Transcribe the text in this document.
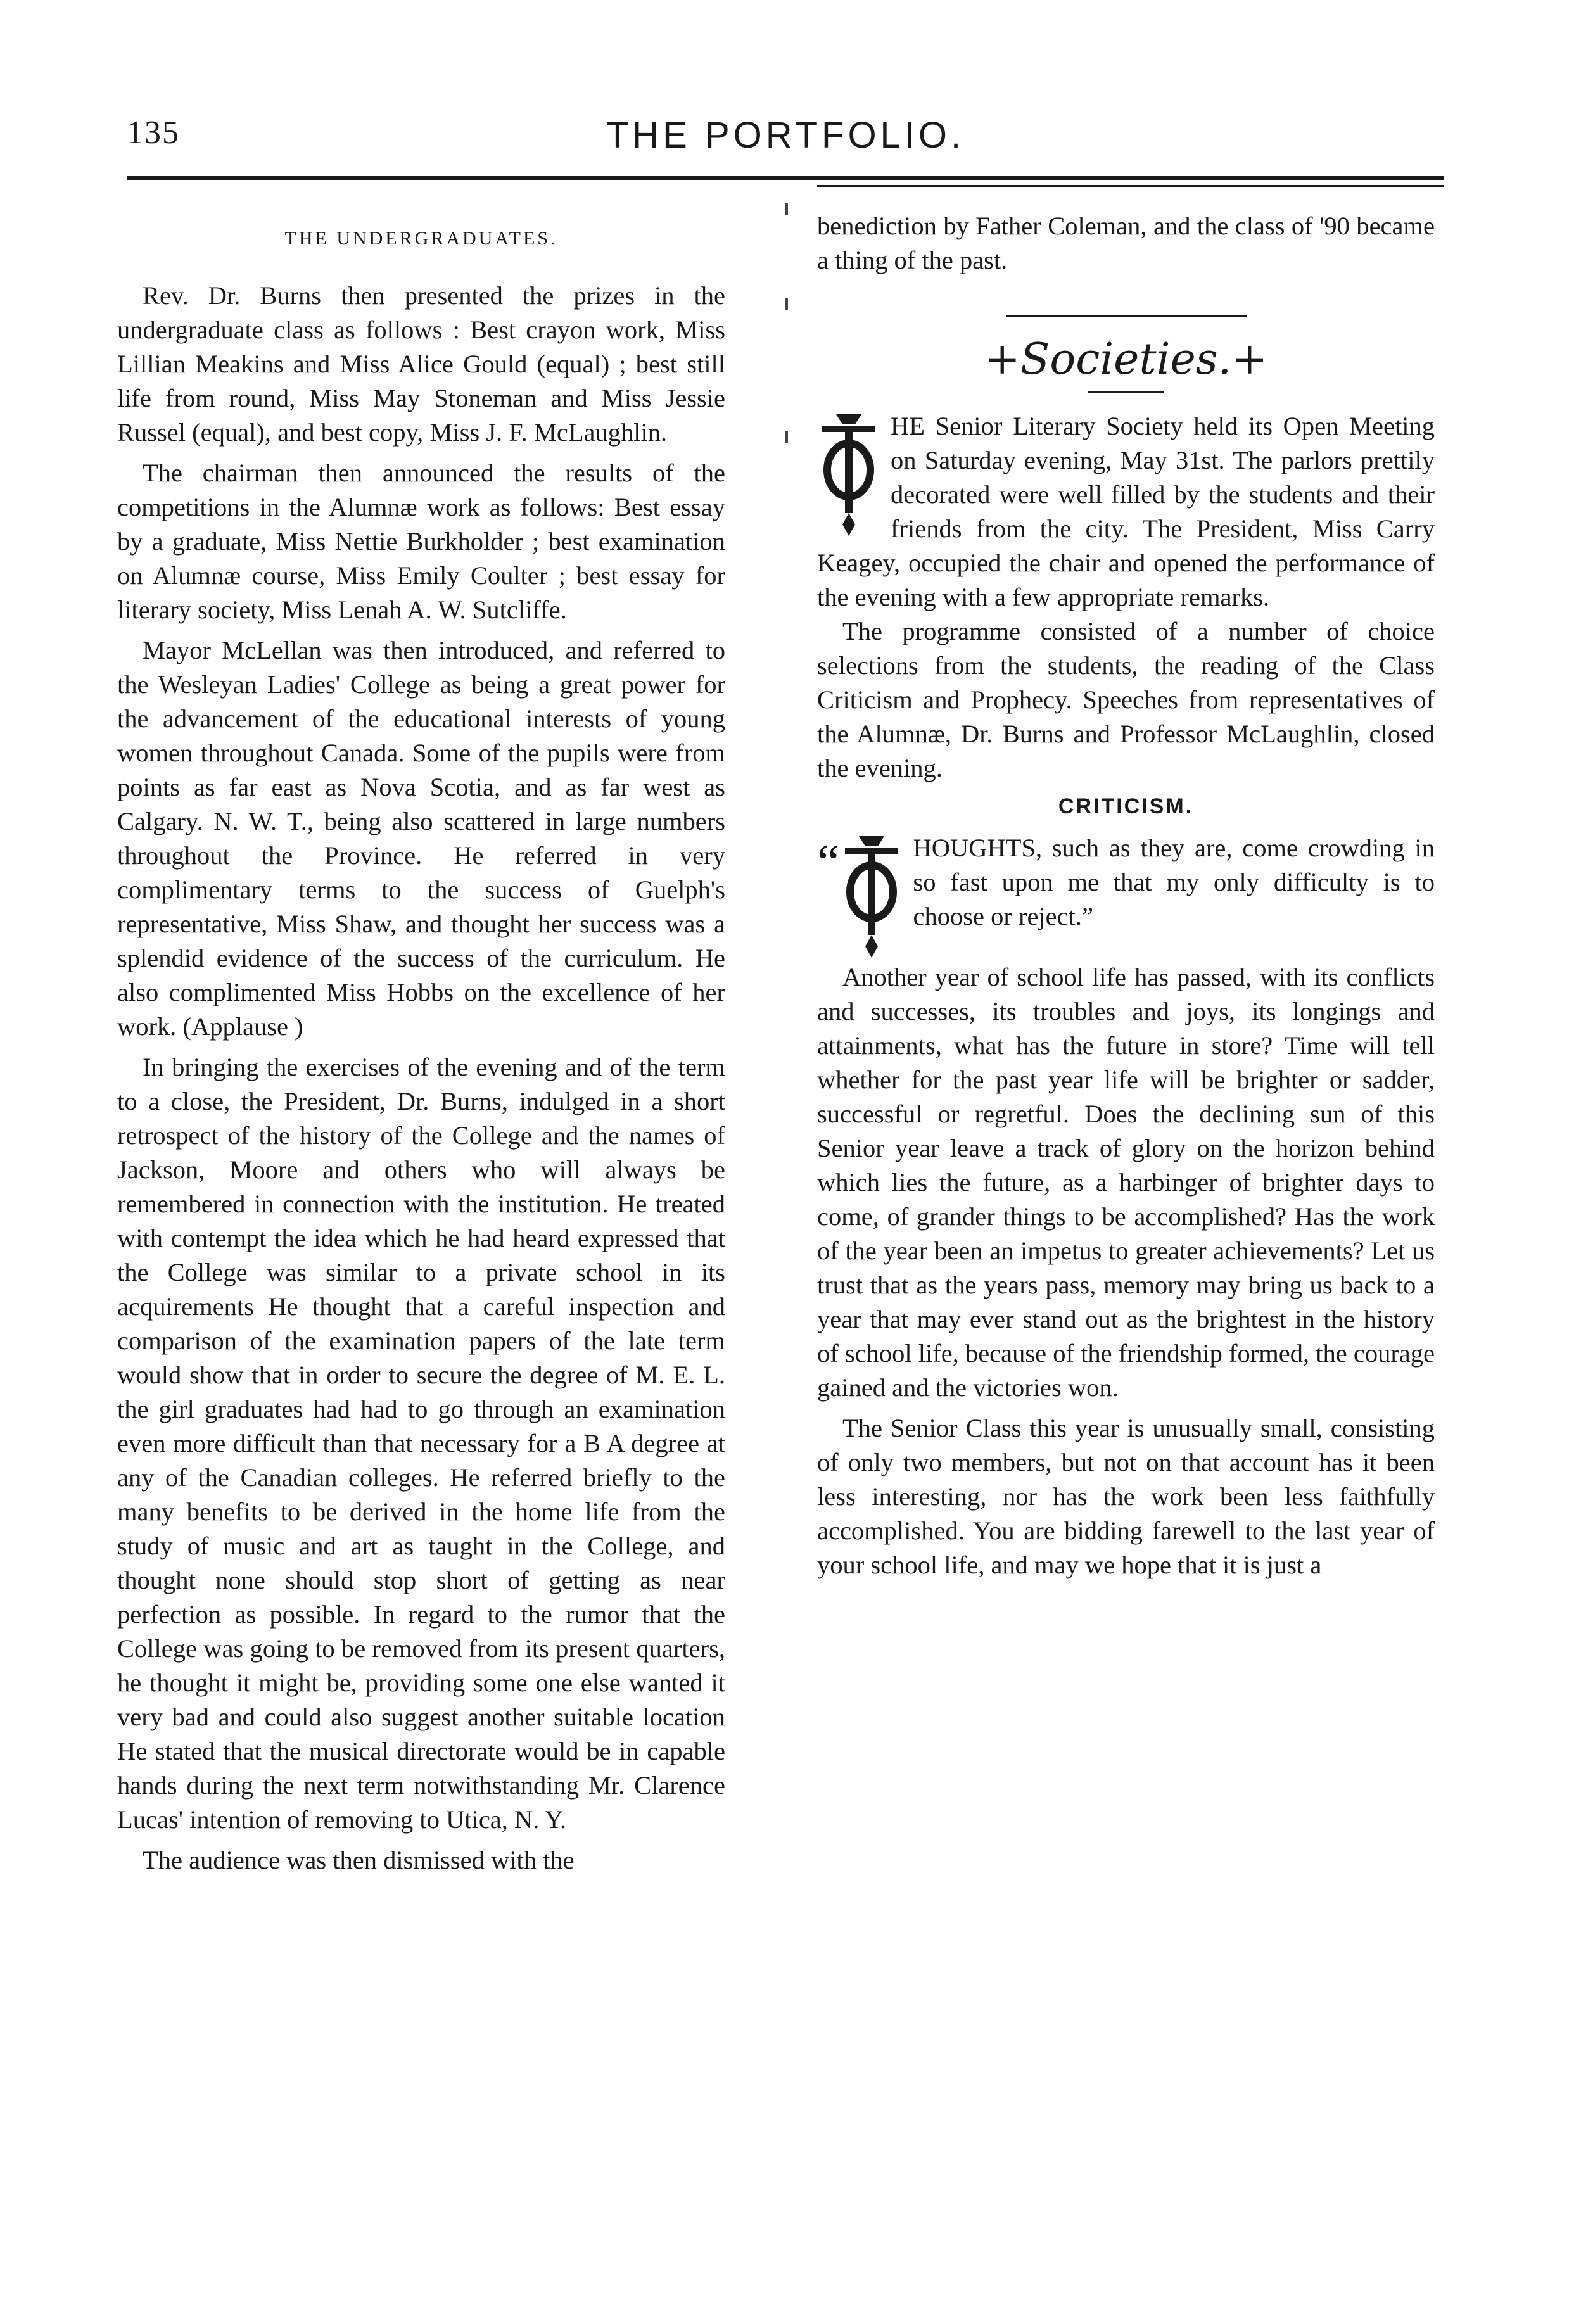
135	THE PORTFOLIO.
THE UNDERGRADUATES.

Rev. Dr. Burns then presented the prizes in the undergraduate class as follows : Best crayon work, Miss Lillian Meakins and Miss Alice Gould (equal) ; best still life from round, Miss May Stoneman and Miss Jessie Russel (equal), and best copy, Miss J. F. McLaughlin.

The chairman then announced the results of the competitions in the Alumnæ work as follows: Best essay by a graduate, Miss Nettie Burkholder ; best examination on Alumnæ course, Miss Emily Coulter ; best essay for literary society, Miss Lenah A. W. Sutcliffe.

Mayor McLellan was then introduced, and referred to the Wesleyan Ladies' College as being a great power for the advancement of the educational interests of young women throughout Canada. Some of the pupils were from points as far east as Nova Scotia, and as far west as Calgary. N. W. T., being also scattered in large numbers throughout the Province. He referred in very complimentary terms to the success of Guelph's representative, Miss Shaw, and thought her success was a splendid evidence of the success of the curriculum. He also complimented Miss Hobbs on the excellence of her work. (Applause )

In bringing the exercises of the evening and of the term to a close, the President, Dr. Burns, indulged in a short retrospect of the history of the College and the names of Jackson, Moore and others who will always be remembered in connection with the institution. He treated with contempt the idea which he had heard expressed that the College was similar to a private school in its acquirements He thought that a careful inspection and comparison of the examination papers of the late term would show that in order to secure the degree of M. E. L. the girl graduates had had to go through an examination even more difficult than that necessary for a B A degree at any of the Canadian colleges. He referred briefly to the many benefits to be derived in the home life from the study of music and art as taught in the College, and thought none should stop short of getting as near perfection as possible. In regard to the rumor that the College was going to be removed from its present quarters, he thought it might be, providing some one else wanted it very bad and could also suggest another suitable location He stated that the musical directorate would be in capable hands during the next term notwithstanding Mr. Clarence Lucas' intention of removing to Utica, N. Y.

The audience was then dismissed with the

benediction by Father Coleman, and the class of '90 became a thing of the past.

+Societies.+

HE Senior Literary Society held its Open Meeting on Saturday evening, May 31st. The parlors prettily decorated were well filled by the students and their friends from the city. The President, Miss Carry Keagey, occupied the chair and opened the performance of the evening with a few appropriate remarks.

The programme consisted of a number of choice selections from the students, the reading of the Class Criticism and Prophecy. Speeches from representatives of the Alumnæ, Dr. Burns and Professor McLaughlin, closed the evening.

CRITICISM.
“	HOUGHTS, such as they are, come crowding in so fast upon me that my only difficulty is to choose or reject.”

Another year of school life has passed, with its conflicts and successes, its troubles and joys, its longings and attainments, what has the future in store? Time will tell whether for the past year life will be brighter or sadder, successful or regretful. Does the declining sun of this Senior year leave a track of glory on the horizon behind which lies the future, as a harbinger of brighter days to come, of grander things to be accomplished? Has the work of the year been an impetus to greater achievements? Let us trust that as the years pass, memory may bring us back to a year that may ever stand out as the brightest in the history of school life, because of the friendship formed, the courage gained and the victories won.

The Senior Class this year is unusually small, consisting of only two members, but not on that account has it been less interesting, nor has the work been less faithfully accomplished. You are bidding farewell to the last year of your school life, and may we hope that it is just a
